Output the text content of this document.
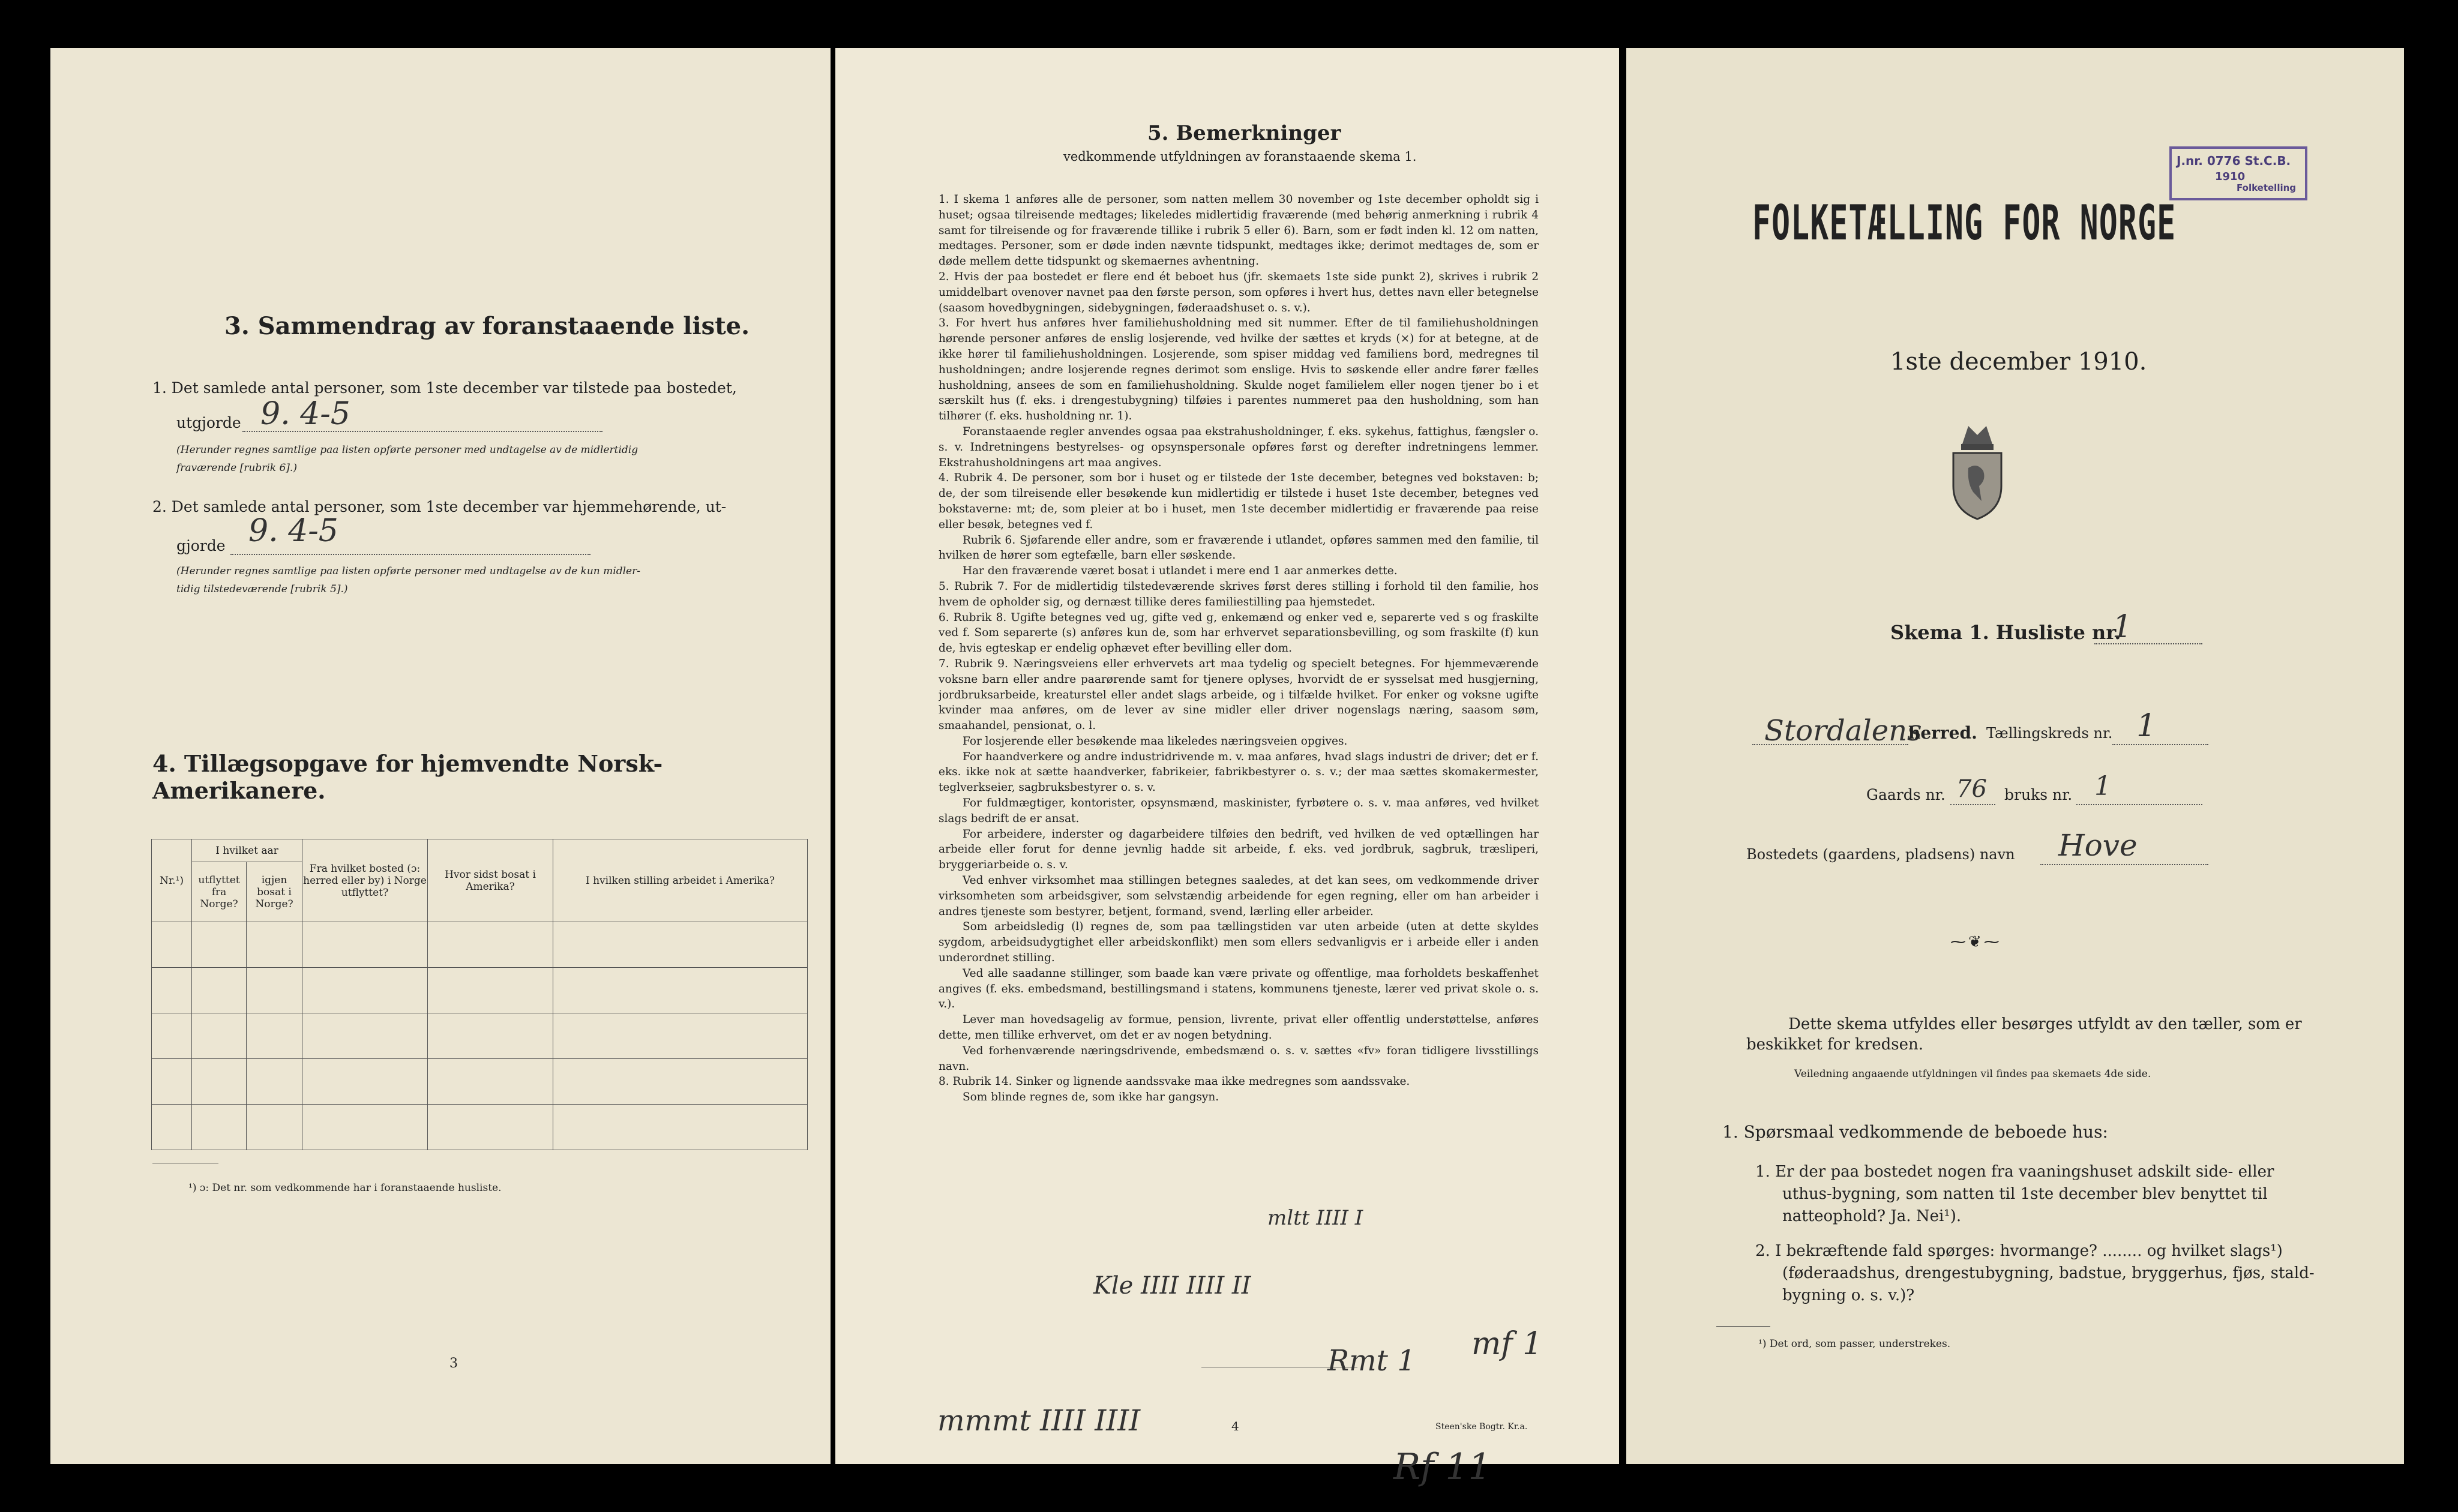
3. Sammendrag av foranstaaende liste.
1. Det samlede antal personer, som 1ste december var tilstede paa bostedet,
utgjorde 9. 4-5
(Herunder regnes samtlige paa listen opførte personer med undtagelse av de midlertidig
fraværende [rubrik 6].)
2. Det samlede antal personer, som 1ste december var hjemmehørende, ut-
gjorde 9. 4-5
(Herunder regnes samtlige paa listen opførte personer med undtagelse av de kun midler-
tidig tilstedeværende [rubrik 5].)
4. Tillægsopgave for hjemvendte Norsk-Amerikanere.
Nr.¹)	I hvilket aar		Fra hvilket bosted (ɔ: herred eller by) i Norge utflyttet?	Hvor sidst bosat i Amerika?	I hvilken stilling arbeidet i Amerika?
	utflyttet fra Norge?	igjen bosat i Norge?			

¹) ɔ: Det nr. som vedkommende har i foranstaaende husliste.
3
5. Bemerkninger
vedkommende utfyldningen av foranstaaende skema 1.

1. I skema 1 anføres alle de personer, som natten mellem 30 november og 1ste december opholdt sig i huset; ogsaa tilreisende medtages; likeledes midlertidig fraværende (med behørig anmerkning i rubrik 4 samt for tilreisende og for fraværende tillike i rubrik 5 eller 6). Barn, som er født inden kl. 12 om natten, medtages. Personer, som er døde inden nævnte tidspunkt, medtages ikke; derimot medtages de, som er døde mellem dette tidspunkt og skemaernes avhentning.

2. Hvis der paa bostedet er flere end ét beboet hus (jfr. skemaets 1ste side punkt 2), skrives i rubrik 2 umiddelbart ovenover navnet paa den første person, som opføres i hvert hus, dettes navn eller betegnelse (saasom hovedbygningen, sidebygningen, føderaadshuset o. s. v.).

3. For hvert hus anføres hver familiehusholdning med sit nummer. Efter de til familiehusholdningen hørende personer anføres de enslig losjerende, ved hvilke der sættes et kryds (×) for at betegne, at de ikke hører til familiehusholdningen. Losjerende, som spiser middag ved familiens bord, medregnes til husholdningen; andre losjerende regnes derimot som enslige. Hvis to søskende eller andre fører fælles husholdning, ansees de som en familiehusholdning. Skulde noget familielem eller nogen tjener bo i et særskilt hus (f. eks. i drengestubygning) tilføies i parentes nummeret paa den husholdning, som han tilhører (f. eks. husholdning nr. 1).

Foranstaaende regler anvendes ogsaa paa ekstrahusholdninger, f. eks. sykehus, fattighus, fængsler o. s. v. Indretningens bestyrelses- og opsynspersonale opføres først og derefter indretningens lemmer. Ekstrahusholdningens art maa angives.

4. Rubrik 4. De personer, som bor i huset og er tilstede der 1ste december, betegnes ved bokstaven: b; de, der som tilreisende eller besøkende kun midlertidig er tilstede i huset 1ste december, betegnes ved bokstaverne: mt; de, som pleier at bo i huset, men 1ste december midlertidig er fraværende paa reise eller besøk, betegnes ved f.

Rubrik 6. Sjøfarende eller andre, som er fraværende i utlandet, opføres sammen med den familie, til hvilken de hører som egtefælle, barn eller søskende.

Har den fraværende været bosat i utlandet i mere end 1 aar anmerkes dette.

5. Rubrik 7. For de midlertidig tilstedeværende skrives først deres stilling i forhold til den familie, hos hvem de opholder sig, og dernæst tillike deres familiestilling paa hjemstedet.

6. Rubrik 8. Ugifte betegnes ved ug, gifte ved g, enkemænd og enker ved e, separerte ved s og fraskilte ved f. Som separerte (s) anføres kun de, som har erhvervet separationsbevilling, og som fraskilte (f) kun de, hvis egteskap er endelig ophævet efter bevilling eller dom.

7. Rubrik 9. Næringsveiens eller erhvervets art maa tydelig og specielt betegnes. For hjemmeværende voksne barn eller andre paarørende samt for tjenere oplyses, hvorvidt de er sysselsat med husgjerning, jordbruksarbeide, kreaturstel eller andet slags arbeide, og i tilfælde hvilket. For enker og voksne ugifte kvinder maa anføres, om de lever av sine midler eller driver nogenslags næring, saasom søm, smaahandel, pensionat, o. l.

For losjerende eller besøkende maa likeledes næringsveien opgives.

For haandverkere og andre industridrivende m. v. maa anføres, hvad slags industri de driver; det er f. eks. ikke nok at sætte haandverker, fabrikeier, fabrikbestyrer o. s. v.; der maa sættes skomakermester, teglverkseier, sagbruksbestyrer o. s. v.

For fuldmægtiger, kontorister, opsynsmænd, maskinister, fyrbøtere o. s. v. maa anføres, ved hvilket slags bedrift de er ansat.

For arbeidere, inderster og dagarbeidere tilføies den bedrift, ved hvilken de ved optællingen har arbeide eller forut for denne jevnlig hadde sit arbeide, f. eks. ved jordbruk, sagbruk, træsliperi, bryggeriarbeide o. s. v.

Ved enhver virksomhet maa stillingen betegnes saaledes, at det kan sees, om vedkommende driver virksomheten som arbeidsgiver, som selvstændig arbeidende for egen regning, eller om han arbeider i andres tjeneste som bestyrer, betjent, formand, svend, lærling eller arbeider.

Som arbeidsledig (l) regnes de, som paa tællingstiden var uten arbeide (uten at dette skyldes sygdom, arbeidsudygtighet eller arbeidskonflikt) men som ellers sedvanligvis er i arbeide eller i anden underordnet stilling.

Ved alle saadanne stillinger, som baade kan være private og offentlige, maa forholdets beskaffenhet angives (f. eks. embedsmand, bestillingsmand i statens, kommunens tjeneste, lærer ved privat skole o. s. v.).

Lever man hovedsagelig av formue, pension, livrente, privat eller offentlig understøttelse, anføres dette, men tillike erhvervet, om det er av nogen betydning.

Ved forhenværende næringsdrivende, embedsmænd o. s. v. sættes «fv» foran tidligere livsstillings navn.

8. Rubrik 14. Sinker og lignende aandssvake maa ikke medregnes som aandssvake.

Som blinde regnes de, som ikke har gangsyn.

mltt IIII I
Kle IIII IIII II
Rmt 1 mf 1
mmmt IIII IIII	4	Steen'ske Bogtr. Kr.a.
Rf 11
J.nr. 0776 St.C.B.
1910
Folketelling
FOLKETÆLLING FOR NORGE
1ste december 1910.
Skema 1. Husliste nr.
1
Stordalens
herred. Tællingskreds nr. 1
Gaards nr. 76 bruks nr. 1
Bostedets (gaardens, pladsens) navn Hove
⁓❦⁓
Dette skema utfyldes eller besørges utfyldt av den tæller, som er
beskikket for kredsen.
Veiledning angaaende utfyldningen vil findes paa skemaets 4de side.
1. Spørsmaal vedkommende de beboede hus:
1. Er der paa bostedet nogen fra vaaningshuset adskilt side- eller
uthus-bygning, som natten til 1ste december blev benyttet til
natteophold? Ja. Nei¹).
2. I bekræftende fald spørges: hvormange? ........ og hvilket slags¹)
(føderaadshus, drengestubygning, badstue, bryggerhus, fjøs, stald-
bygning o. s. v.)?
¹) Det ord, som passer, understrekes.
